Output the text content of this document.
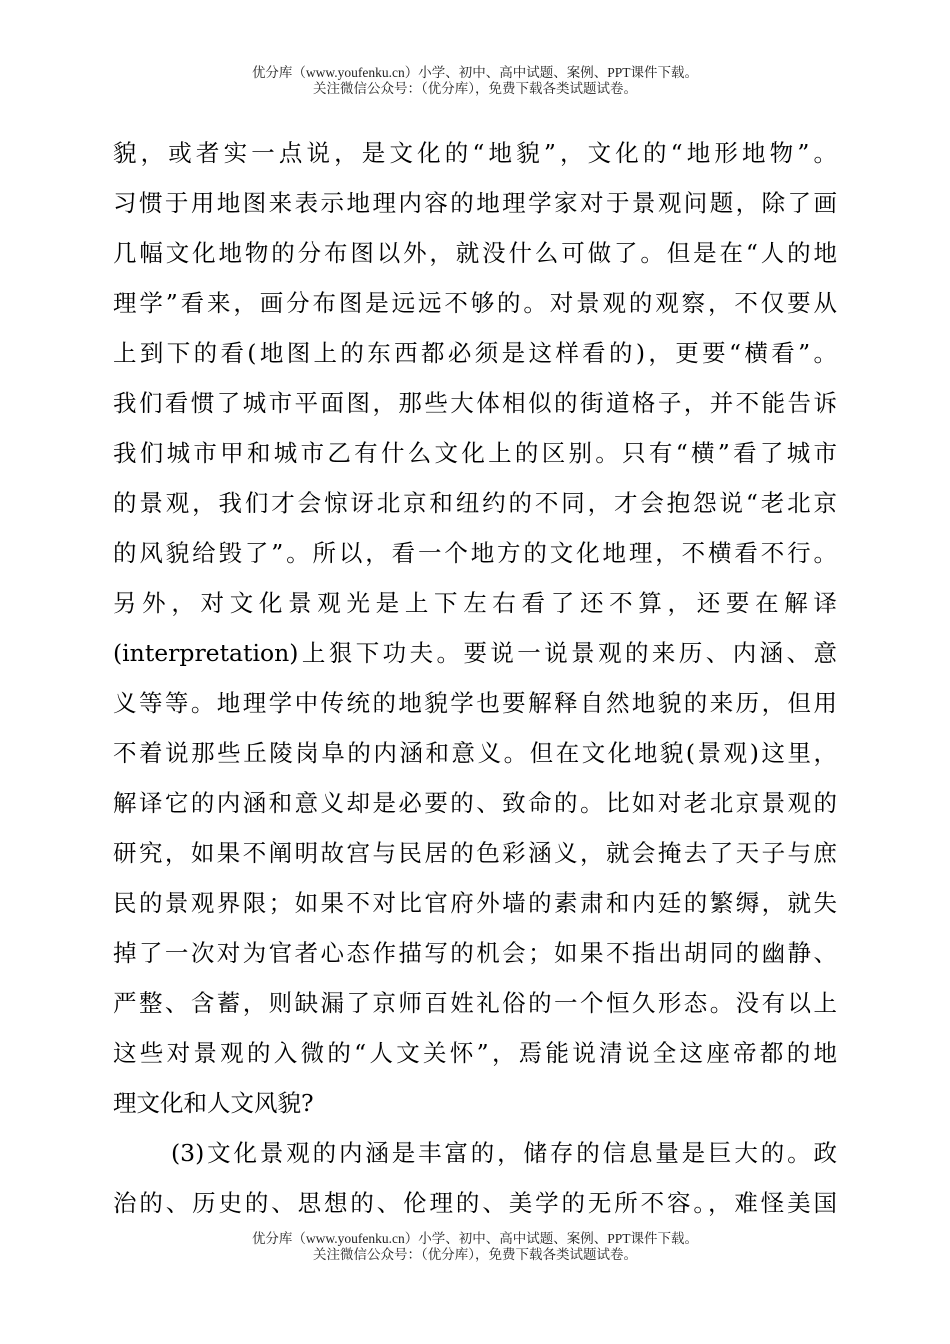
优分库（www.youfenku.cn）小学、初中、高中试题、案例、PPT课件下载。
关注微信公众号：（优分库），免费下载各类试题试卷。
貌，或者实一点说，是文化的“地貌”，文化的“地形地物”。
习惯于用地图来表示地理内容的地理学家对于景观问题，除了画
几幅文化地物的分布图以外，就没什么可做了。但是在“人的地
理学”看来，画分布图是远远不够的。对景观的观察，不仅要从
上到下的看(地图上的东西都必须是这样看的)，更要“横看”。
我们看惯了城市平面图，那些大体相似的街道格子，并不能告诉
我们城市甲和城市乙有什么文化上的区别。只有“横”看了城市
的景观，我们才会惊讶北京和纽约的不同，才会抱怨说“老北京
的风貌给毁了”。所以，看一个地方的文化地理，不横看不行。
另外，对文化景观光是上下左右看了还不算，还要在解译
(interpretation)上狠下功夫。要说一说景观的来历、内涵、意
义等等。地理学中传统的地貌学也要解释自然地貌的来历，但用
不着说那些丘陵岗阜的内涵和意义。但在文化地貌(景观)这里，
解译它的内涵和意义却是必要的、致命的。比如对老北京景观的
研究，如果不阐明故宫与民居的色彩涵义，就会掩去了天子与庶
民的景观界限；如果不对比官府外墙的素肃和内廷的繁缛，就失
掉了一次对为官者心态作描写的机会；如果不指出胡同的幽静、
严整、含蓄，则缺漏了京师百姓礼俗的一个恒久形态。没有以上
这些对景观的入微的“人文关怀”，焉能说清说全这座帝都的地
理文化和人文风貌?
(3)文化景观的内涵是丰富的，储存的信息量是巨大的。政
治的、历史的、思想的、伦理的、美学的无所不容。，难怪美国
优分库（www.youfenku.cn）小学、初中、高中试题、案例、PPT课件下载。
关注微信公众号：（优分库），免费下载各类试题试卷。
